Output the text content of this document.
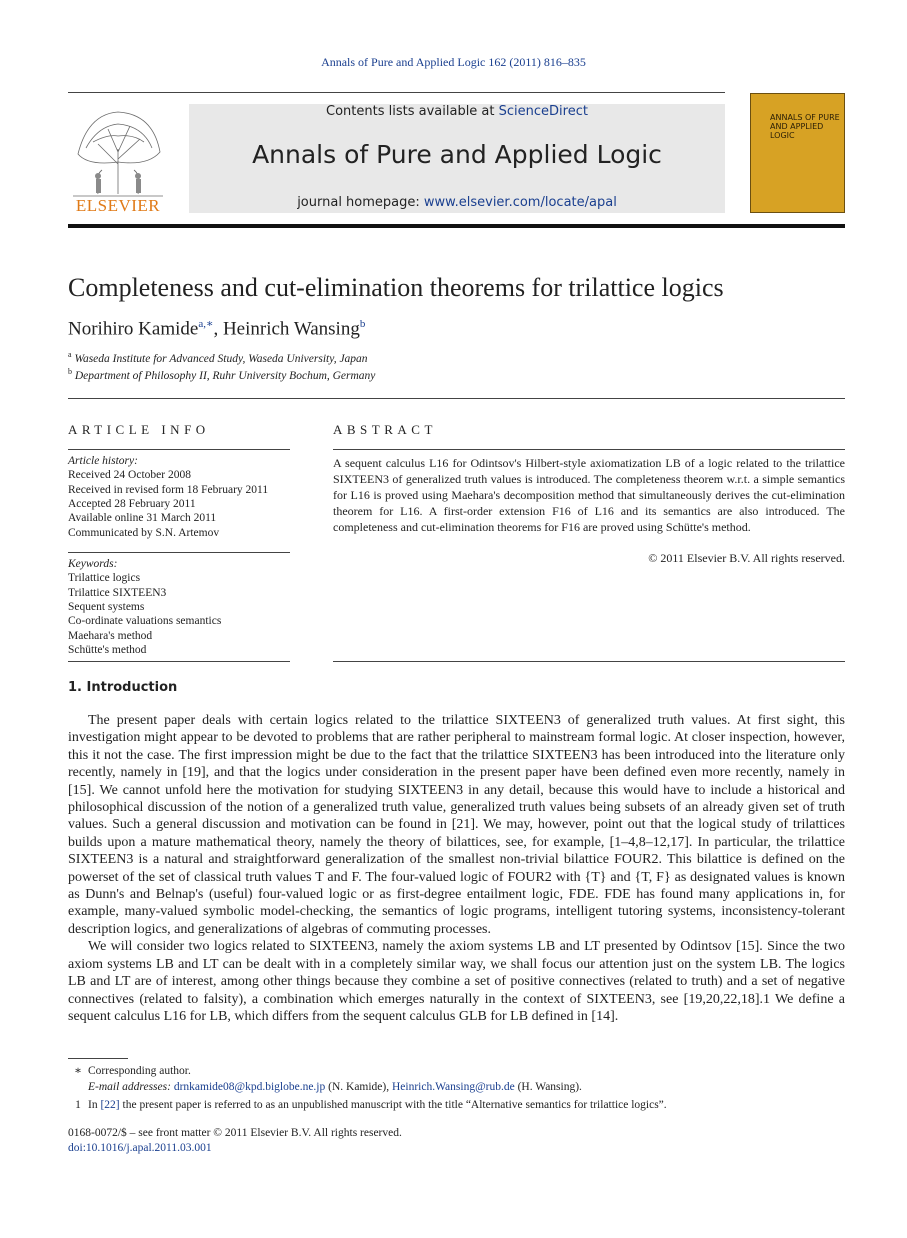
Annals of Pure and Applied Logic 162 (2011) 816–835
ELSEVIER
Contents lists available at ScienceDirect
Annals of Pure and Applied Logic
journal homepage: www.elsevier.com/locate/apal
ANNALS OF PURE AND APPLIED LOGIC
Completeness and cut-elimination theorems for trilattice logics
Norihiro Kamide$^{a,∗}$, Heinrich Wansing$^b$
$^a$ Waseda Institute for Advanced Study, Waseda University, Japan
$^b$ Department of Philosophy II, Ruhr University Bochum, Germany
ARTICLE INFO
Article history:
Received 24 October 2008
Received in revised form 18 February 2011
Accepted 28 February 2011
Available online 31 March 2011
Communicated by S.N. Artemov
Keywords:
Trilattice logics
Trilattice SIXTEEN3
Sequent systems
Co-ordinate valuations semantics
Maehara's method
Schütte's method
ABSTRACT
A sequent calculus L16 for Odintsov's Hilbert-style axiomatization LB of a logic related to the trilattice SIXTEEN3 of generalized truth values is introduced. The completeness theorem w.r.t. a simple semantics for L16 is proved using Maehara's decomposition method that simultaneously derives the cut-elimination theorem for L16. A first-order extension F16 of L16 and its semantics are also introduced. The completeness and cut-elimination theorems for F16 are proved using Schütte's method.
© 2011 Elsevier B.V. All rights reserved.
1. Introduction

The present paper deals with certain logics related to the trilattice SIXTEEN3 of generalized truth values. At first sight, this investigation might appear to be devoted to problems that are rather peripheral to mainstream formal logic. At closer inspection, however, this it not the case. The first impression might be due to the fact that the trilattice SIXTEEN3 has been introduced into the literature only recently, namely in [19], and that the logics under consideration in the present paper have been defined even more recently, namely in [15]. We cannot unfold here the motivation for studying SIXTEEN3 in any detail, because this would have to include a historical and philosophical discussion of the notion of a generalized truth value, generalized truth values being subsets of an already given set of truth values. Such a general discussion and motivation can be found in [21]. We may, however, point out that the logical study of trilattices builds upon a mature mathematical theory, namely the theory of bilattices, see, for example, [1–4,8–12,17]. In particular, the trilattice SIXTEEN3 is a natural and straightforward generalization of the smallest non-trivial bilattice FOUR2. This bilattice is defined on the powerset of the set of classical truth values T and F. The four-valued logic of FOUR2 with {T} and {T, F} as designated values is known as Dunn's and Belnap's (useful) four-valued logic or as first-degree entailment logic, FDE. FDE has found many applications in, for example, many-valued symbolic model-checking, the semantics of logic programs, intelligent tutoring systems, inconsistency-tolerant description logics, and generalizations of algebras of commuting processes.

We will consider two logics related to SIXTEEN3, namely the axiom systems LB and LT presented by Odintsov [15]. Since the two axiom systems LB and LT can be dealt with in a completely similar way, we shall focus our attention just on the system LB. The logics LB and LT are of interest, among other things because they combine a set of positive connectives (related to truth) and a set of negative connectives (related to falsity), a combination which emerges naturally in the context of SIXTEEN3, see [19,20,22,18].1 We define a sequent calculus L16 for LB, which differs from the sequent calculus GLB for LB defined in [14].

∗ Corresponding author.
E-mail addresses: drnkamide08@kpd.biglobe.ne.jp (N. Kamide), Heinrich.Wansing@rub.de (H. Wansing).
1 In [22] the present paper is referred to as an unpublished manuscript with the title “Alternative semantics for trilattice logics”.
0168-0072/$ – see front matter © 2011 Elsevier B.V. All rights reserved.
doi:10.1016/j.apal.2011.03.001
